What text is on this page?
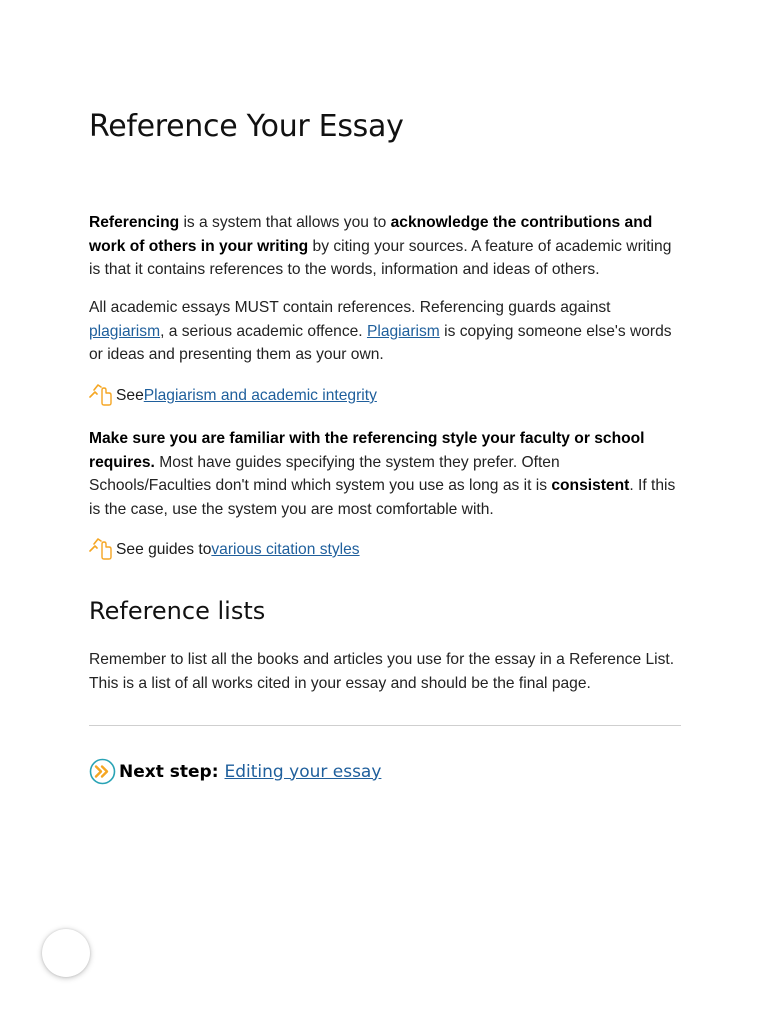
Reference Your Essay

Referencing is a system that allows you to acknowledge the contributions and work of others in your writing by citing your sources. A feature of academic writing is that it contains references to the words, information and ideas of others.

All academic essays MUST contain references. Referencing guards against plagiarism, a serious academic offence. Plagiarism is copying someone else's words or ideas and presenting them as your own.

See Plagiarism and academic integrity

Make sure you are familiar with the referencing style your faculty or school requires. Most have guides specifying the system they prefer. Often Schools/Faculties don't mind which system you use as long as it is consistent. If this is the case, use the system you are most comfortable with.

See guides to various citation styles
Reference lists

Remember to list all the books and articles you use for the essay in a Reference List. This is a list of all works cited in your essay and should be the final page.

Next step: Editing your essay
